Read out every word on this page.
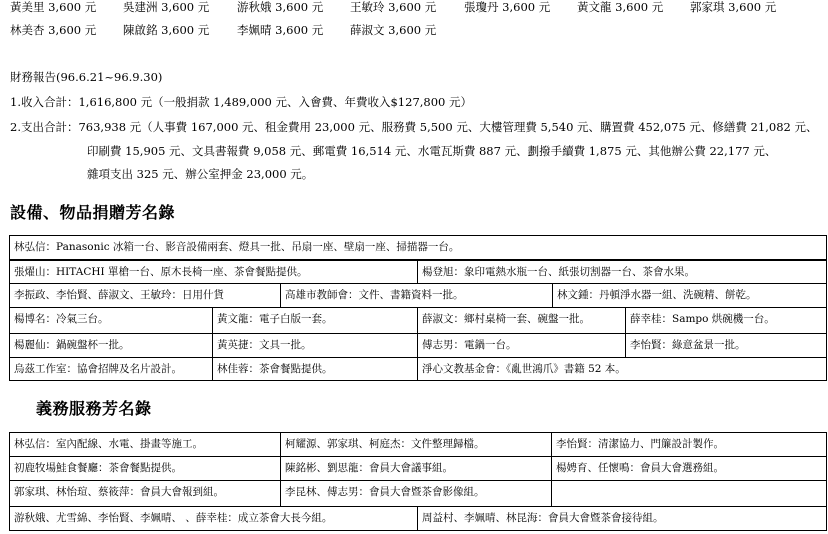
黃美里 3,600 元 吳建洲 3,600 元 游秋娥 3,600 元 王敏玲 3,600 元 張瓊丹 3,600 元 黃文龍 3,600 元 郭家琪 3,600 元
林美杏 3,600 元 陳啟銘 3,600 元 李姵晴 3,600 元 薛淑文 3,600 元
財務報告(96.6.21~96.9.30)
1.收入合計：1,616,800 元（一般捐款 1,489,000 元、入會費、年費收入$127,800 元）
2.支出合計：763,938 元（人事費 167,000 元、租金費用 23,000 元、服務費 5,500 元、大樓管理費 5,540 元、購置費 452,075 元、修繕費 21,082 元、
印刷費 15,905 元、文具書報費 9,058 元、郵電費 16,514 元、水電瓦斯費 887 元、劃撥手續費 1,875 元、其他辦公費 22,177 元、
雜項支出 325 元、辦公室押金 23,000 元。
設備、物品捐贈芳名錄
林弘信：Panasonic 冰箱一台、影音設備兩套、燈具一批、吊扇一座、壁扇一座、掃描器一台。
張燿山：HITACHI 單槍一台、原木長椅一座、茶會餐點提供。	楊登旭：象印電熱水瓶一台、紙張切割器一台、茶會水果。
李振政、李怡賢、薛淑文、王敏玲：日用什貨	高雄市教師會：文件、書籍資料一批。	林文鍾：丹頓淨水器一組、洗碗精、餅乾。
楊博名：冷氣三台。	黃文龍：電子白版一套。	薛淑文：鄉村桌椅一套、碗盤一批。	薛幸桂：Sampo 烘碗機一台。
楊麗仙：鍋碗盤杯一批。	黃英捷：文具一批。	傅志男：電鍋一台。	李怡賢：綠意盆景一批。
烏茲工作室：協會招牌及名片設計。	林佳蓉：茶會餐點提供。	淨心文教基金會：《亂世鴻爪》書籍 52 本。
義務服務芳名錄
林弘信：室內配線、水電、掛畫等施工。	柯耀源、郭家琪、柯庭杰：文件整理歸檔。	李怡賢：清潔協力、門簾設計製作。
初鹿牧場鮭食餐廳：茶會餐點提供。	陳銘彬、劉思龍：會員大會議事組。	楊娉育、任懷鳴：會員大會選務組。
郭家琪、林怡瑄、蔡筱萍：會員大會報到組。	李昆林、傅志男：會員大會暨茶會影像組。
游秋娥、尤雪綿、李怡賢、李姵晴、 、薛幸桂：成立茶會大長今組。	周益村、李姵晴、林昆海：會員大會暨茶會接待組。
